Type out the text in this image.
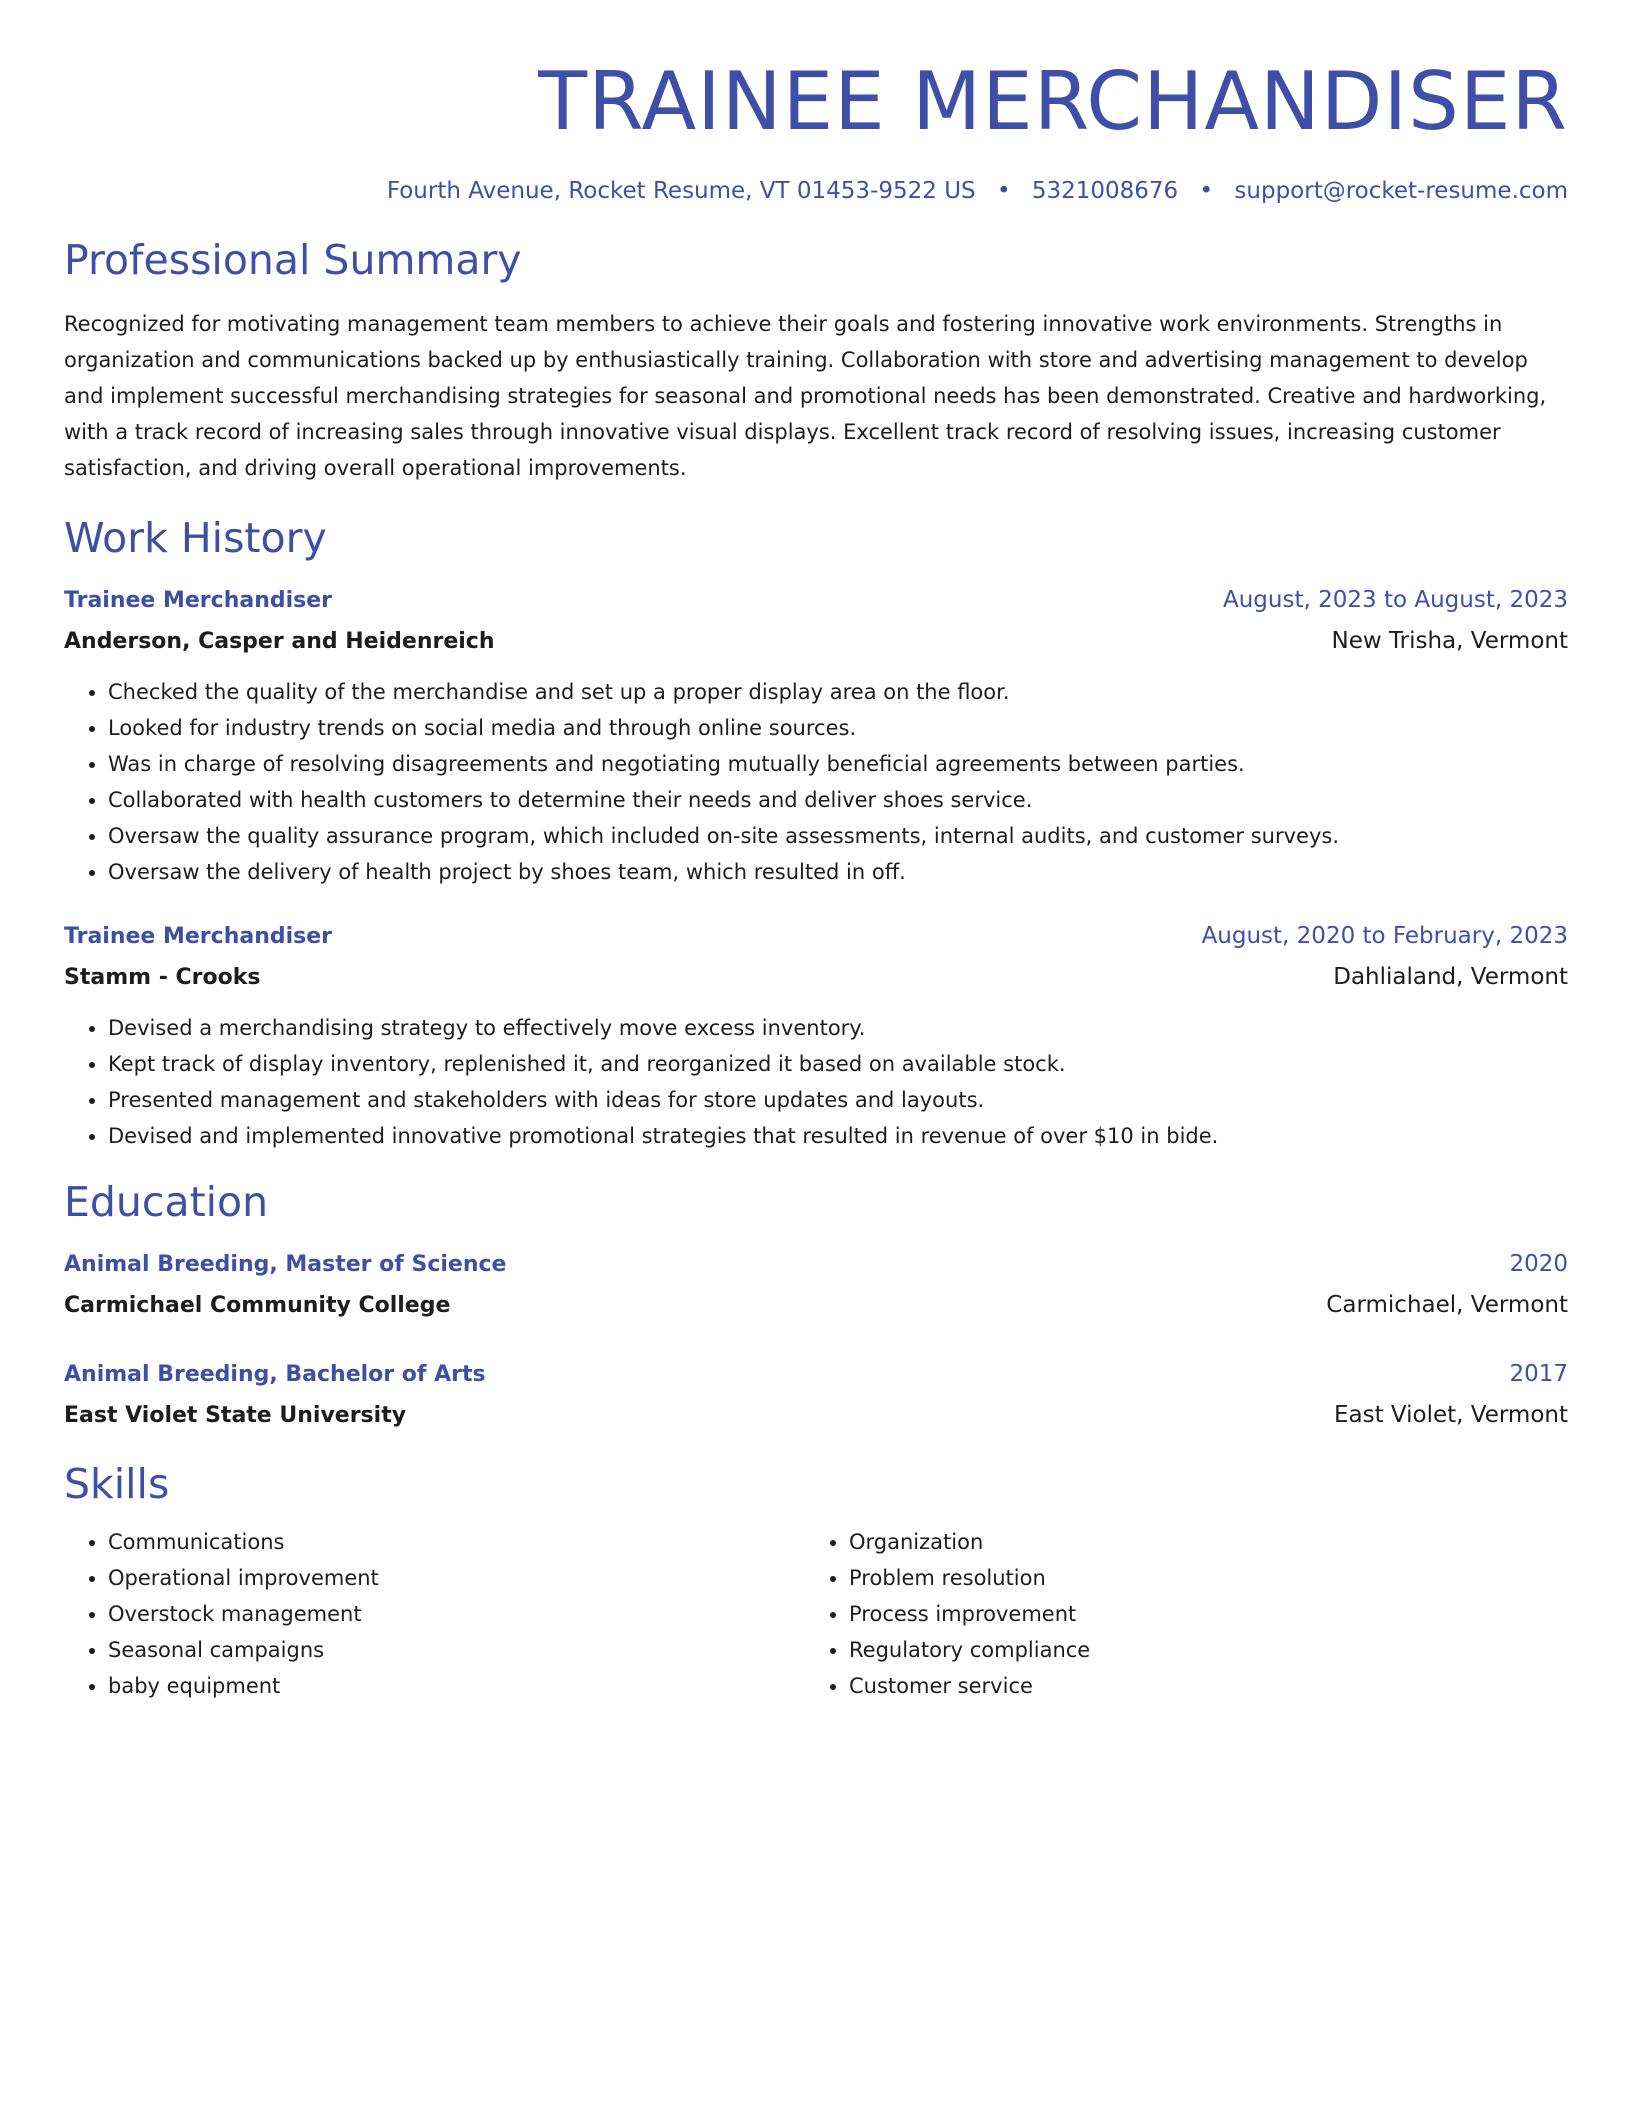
TRAINEE MERCHANDISER
Fourth Avenue, Rocket Resume, VT 01453-9522 US • 5321008676 • support@rocket-resume.com
Professional Summary

Recognized for motivating management team members to achieve their goals and fostering innovative work environments. Strengths in organization and communications backed up by enthusiastically training. Collaboration with store and advertising management to develop and implement successful merchandising strategies for seasonal and promotional needs has been demonstrated. Creative and hardworking, with a track record of increasing sales through innovative visual displays. Excellent track record of resolving issues, increasing customer satisfaction, and driving overall operational improvements.

Work History
Trainee Merchandiser	August, 2023 to August, 2023
Anderson, Casper and Heidenreich	New Trisha, Vermont
• Checked the quality of the merchandise and set up a proper display area on the floor.
• Looked for industry trends on social media and through online sources.
• Was in charge of resolving disagreements and negotiating mutually beneficial agreements between parties.
• Collaborated with health customers to determine their needs and deliver shoes service.
• Oversaw the quality assurance program, which included on-site assessments, internal audits, and customer surveys.
• Oversaw the delivery of health project by shoes team, which resulted in off.
Trainee Merchandiser	August, 2020 to February, 2023
Stamm - Crooks	Dahlialand, Vermont
• Devised a merchandising strategy to effectively move excess inventory.
• Kept track of display inventory, replenished it, and reorganized it based on available stock.
• Presented management and stakeholders with ideas for store updates and layouts.
• Devised and implemented innovative promotional strategies that resulted in revenue of over $10 in bide.
Education
Animal Breeding, Master of Science	2020
Carmichael Community College	Carmichael, Vermont
Animal Breeding, Bachelor of Arts	2017
East Violet State University	East Violet, Vermont
Skills
• Communications
• Operational improvement
• Overstock management
• Seasonal campaigns
• baby equipment
• Organization
• Problem resolution
• Process improvement
• Regulatory compliance
• Customer service
